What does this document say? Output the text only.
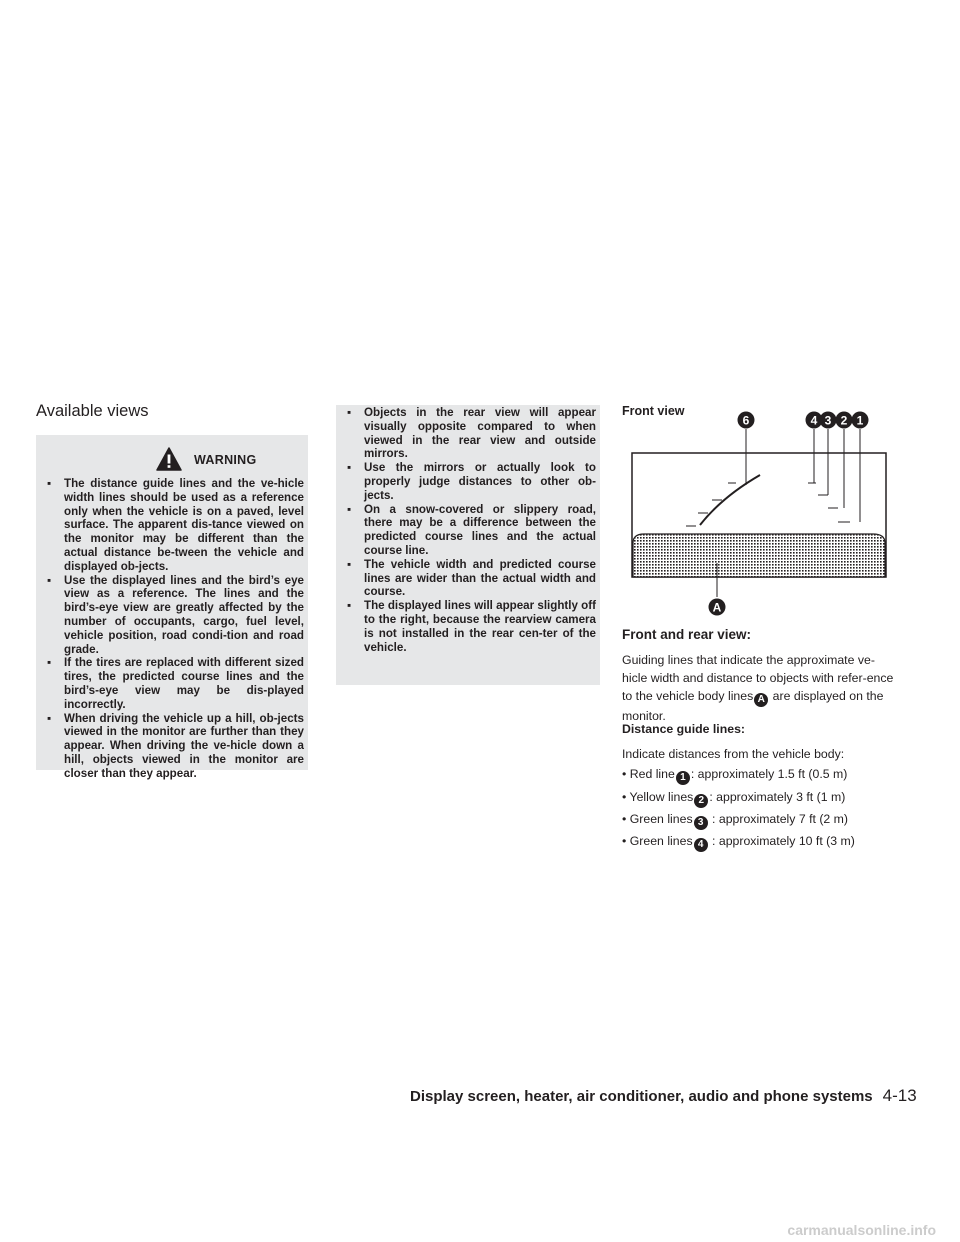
Available views
WARNING
▪ The distance guide lines and the ve-hicle width lines should be used as a reference only when the vehicle is on a paved, level surface. The apparent dis-tance viewed on the monitor may be different than the actual distance be-tween the vehicle and displayed ob-jects.
▪ Use the displayed lines and the bird’s eye view as a reference. The lines and the bird’s-eye view are greatly affected by the number of occupants, cargo, fuel level, vehicle position, road condi-tion and road grade.
▪ If the tires are replaced with different sized tires, the predicted course lines and the bird’s-eye view may be dis-played incorrectly.
▪ When driving the vehicle up a hill, ob-jects viewed in the monitor are further than they appear. When driving the ve-hicle down a hill, objects viewed in the monitor are closer than they appear.
▪ Objects in the rear view will appear visually opposite compared to when viewed in the rear view and outside mirrors.
▪ Use the mirrors or actually look to properly judge distances to other ob-jects.
▪ On a snow-covered or slippery road, there may be a difference between the predicted course lines and the actual course line.
▪ The vehicle width and predicted course lines are wider than the actual width and course.
▪ The displayed lines will appear slightly off to the right, because the rearview camera is not installed in the rear cen-ter of the vehicle.
Front view
6	4 3 2 1
A
Front and rear view:

Guiding lines that indicate the approximate ve-hicle width and distance to objects with refer-ence to the vehicle body lines A are displayed on the monitor.

Distance guide lines:

Indicate distances from the vehicle body:

• Red line 1 : approximately 1.5 ft (0.5 m)

• Yellow lines 2 : approximately 3 ft (1 m)

• Green lines 3 : approximately 7 ft (2 m)

• Green lines 4 : approximately 10 ft (3 m)

Display screen, heater, air conditioner, audio and phone systems 4-13
carmanualsonline.info
